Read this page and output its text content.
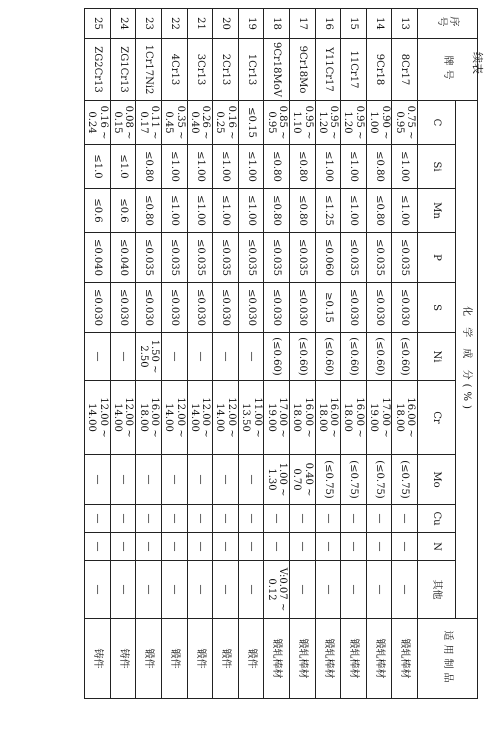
续表
序号	牌号	化 学 成 分(%)											适用制品
		C	Si	Mn	P	S	Ni	Cr	Mo	Cu	N	其他	
13	8Cr17	0.75 ~ 0.95	≤1.00	≤1.00	≤0.035	≤0.030	(≤0.60)	16.00 ~ 18.00	(≤0.75)	—	—	—	锻轧棒材
14	9Cr18	0.90 ~ 1.00	≤0.80	≤0.80	≤0.035	≤0.030	(≤0.60)	17.00 ~ 19.00	(≤0.75)	—	—	—	锻轧棒材
15	11Cr17	0.95 ~ 1.20	≤1.00	≤1.00	≤0.035	≤0.030	(≤0.60)	16.00 ~ 18.00	(≤0.75)	—	—	—	锻轧棒材
16	Y11Cr17	0.95 ~ 1.20	≤1.00	≤1.25	≤0.060	≥0.15	(≤0.60)	16.00 ~ 18.00	(≤0.75)	—	—	—	锻轧棒材
17	9Cr18Mo	0.95 ~ 1.10	≤0.80	≤0.80	≤0.035	≤0.030	(≤0.60)	16.00 ~ 18.00	0.40 ~ 0.70	—	—	—	锻轧棒材
18	9Cr18MoV	0.85 ~ 0.95	≤0.80	≤0.80	≤0.035	≤0.030	(≤0.60)	17.00 ~ 19.00	1.00 ~ 1.30	—	—	V:0.07 ~ 0.12	锻轧棒材
19	1Cr13	≤0.15	≤1.00	≤1.00	≤0.035	≤0.030	—	11.00 ~ 13.50	—	—	—	—	锻件
20	2Cr13	0.16 ~ 0.25	≤1.00	≤1.00	≤0.035	≤0.030	—	12.00 ~ 14.00	—	—	—	—	锻件
21	3Cr13	0.26 ~ 0.40	≤1.00	≤1.00	≤0.035	≤0.030	—	12.00 ~ 14.00	—	—	—	—	锻件
22	4Cr13	0.35 ~ 0.45	≤1.00	≤1.00	≤0.035	≤0.030	—	12.00 ~ 14.00	—	—	—	—	锻件
23	1Cr17Ni2	0.11 ~ 0.17	≤0.80	≤0.80	≤0.035	≤0.030	1.50 ~ 2.50	16.00 ~ 18.00	—	—	—	—	锻件
24	ZG1Cr13	0.08 ~ 0.15	≤1.0	≤0.6	≤0.040	≤0.030	—	12.00 ~ 14.00	—	—	—	—	铸件
25	ZG2Cr13	0.16 ~ 0.24	≤1.0	≤0.6	≤0.040	≤0.030	—	12.00 ~ 14.00	—	—	—	—	铸件
